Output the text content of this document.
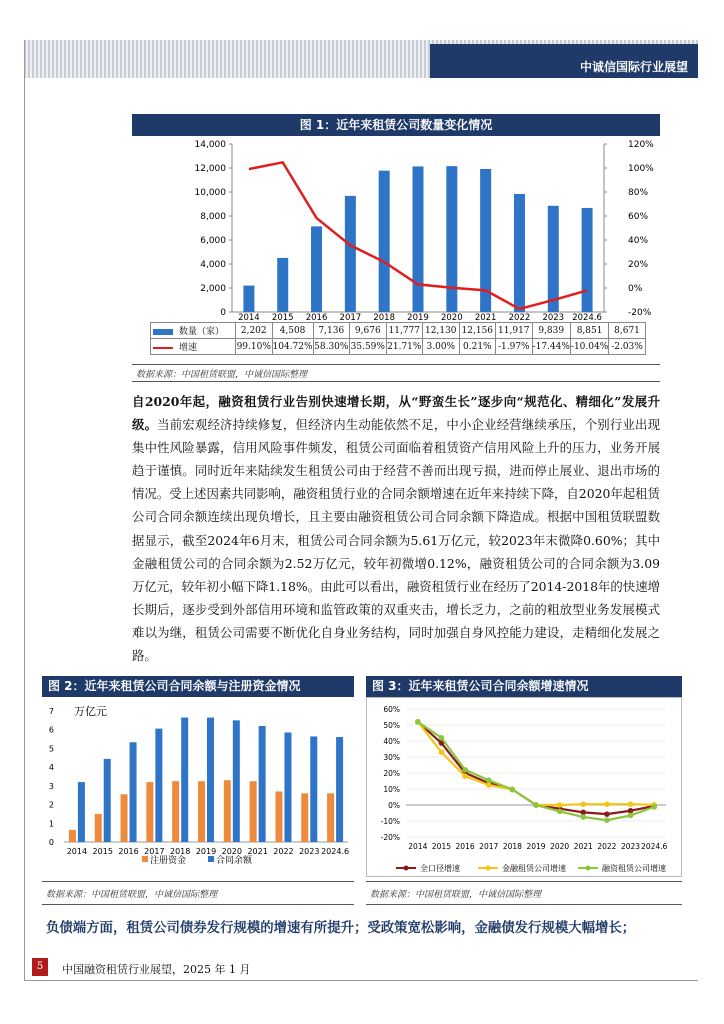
中诚信国际行业展望
图 1：近年来租赁公司数量变化情况
14,000
12,000
10,000
8,000
6,000
4,000
2,000
0
120%
100%
80%
60%
40%
20%
0%
-20%
2014 2015 2016 2017 2018 2019 2020 2021 2022 2023 2024.6
数量（家）	2,202	4,508	7,136	9,676	11,777	12,130	12,156	11,917	9,839	8,851	8,671
增速	99.10%	104.72%	58.30%	35.59%	21.71%	3.00%	0.21%	-1.97%	-17.44%	-10.04%	-2.03%
数据来源：中国租赁联盟，中诚信国际整理
自2020年起，融资租赁行业告别快速增长期，从“野蛮生长”逐步向“规范化、精细化”发展升级。当前宏观经济持续修复，但经济内生动能依然不足，中小企业经营继续承压，个别行业出现集中性风险暴露，信用风险事件频发，租赁公司面临着租赁资产信用风险上升的压力，业务开展趋于谨慎。同时近年来陆续发生租赁公司由于经营不善而出现亏损，进而停止展业、退出市场的情况。受上述因素共同影响，融资租赁行业的合同余额增速在近年来持续下降，自2020年起租赁公司合同余额连续出现负增长，且主要由融资租赁公司合同余额下降造成。根据中国租赁联盟数据显示，截至2024年6月末，租赁公司合同余额为5.61万亿元，较2023年末微降0.60%；其中金融租赁公司的合同余额为2.52万亿元，较年初微增0.12%，融资租赁公司的合同余额为3.09万亿元，较年初小幅下降1.18%。由此可以看出，融资租赁行业在经历了2014-2018年的快速增长期后，逐步受到外部信用环境和监管政策的双重夹击，增长乏力，之前的粗放型业务发展模式难以为继，租赁公司需要不断优化自身业务结构，同时加强自身风控能力建设，走精细化发展之路。
图 2：近年来租赁公司合同余额与注册资金情况
万亿元
7
6
5
4
3
2
1
0
2014 2015 2016 2017 2018 2019 2020 2021 2022 2023 2024.6
注册资金	合同余额
数据来源：中国租赁联盟，中诚信国际整理
图 3：近年来租赁公司合同余额增速情况
60%
50%
40%
30%
20%
10%
0%
-10%
-20%
2014 2015 2016 2017 2018 2019 2020 2021 2022 2023 2024.6
全口径增速	金融租赁公司增速	融资租赁公司增速
数据来源：中国租赁联盟，中诚信国际整理
负债端方面，租赁公司债券发行规模的增速有所提升；受政策宽松影响，金融债发行规模大幅增长；
5	中国融资租赁行业展望，2025 年 1 月
